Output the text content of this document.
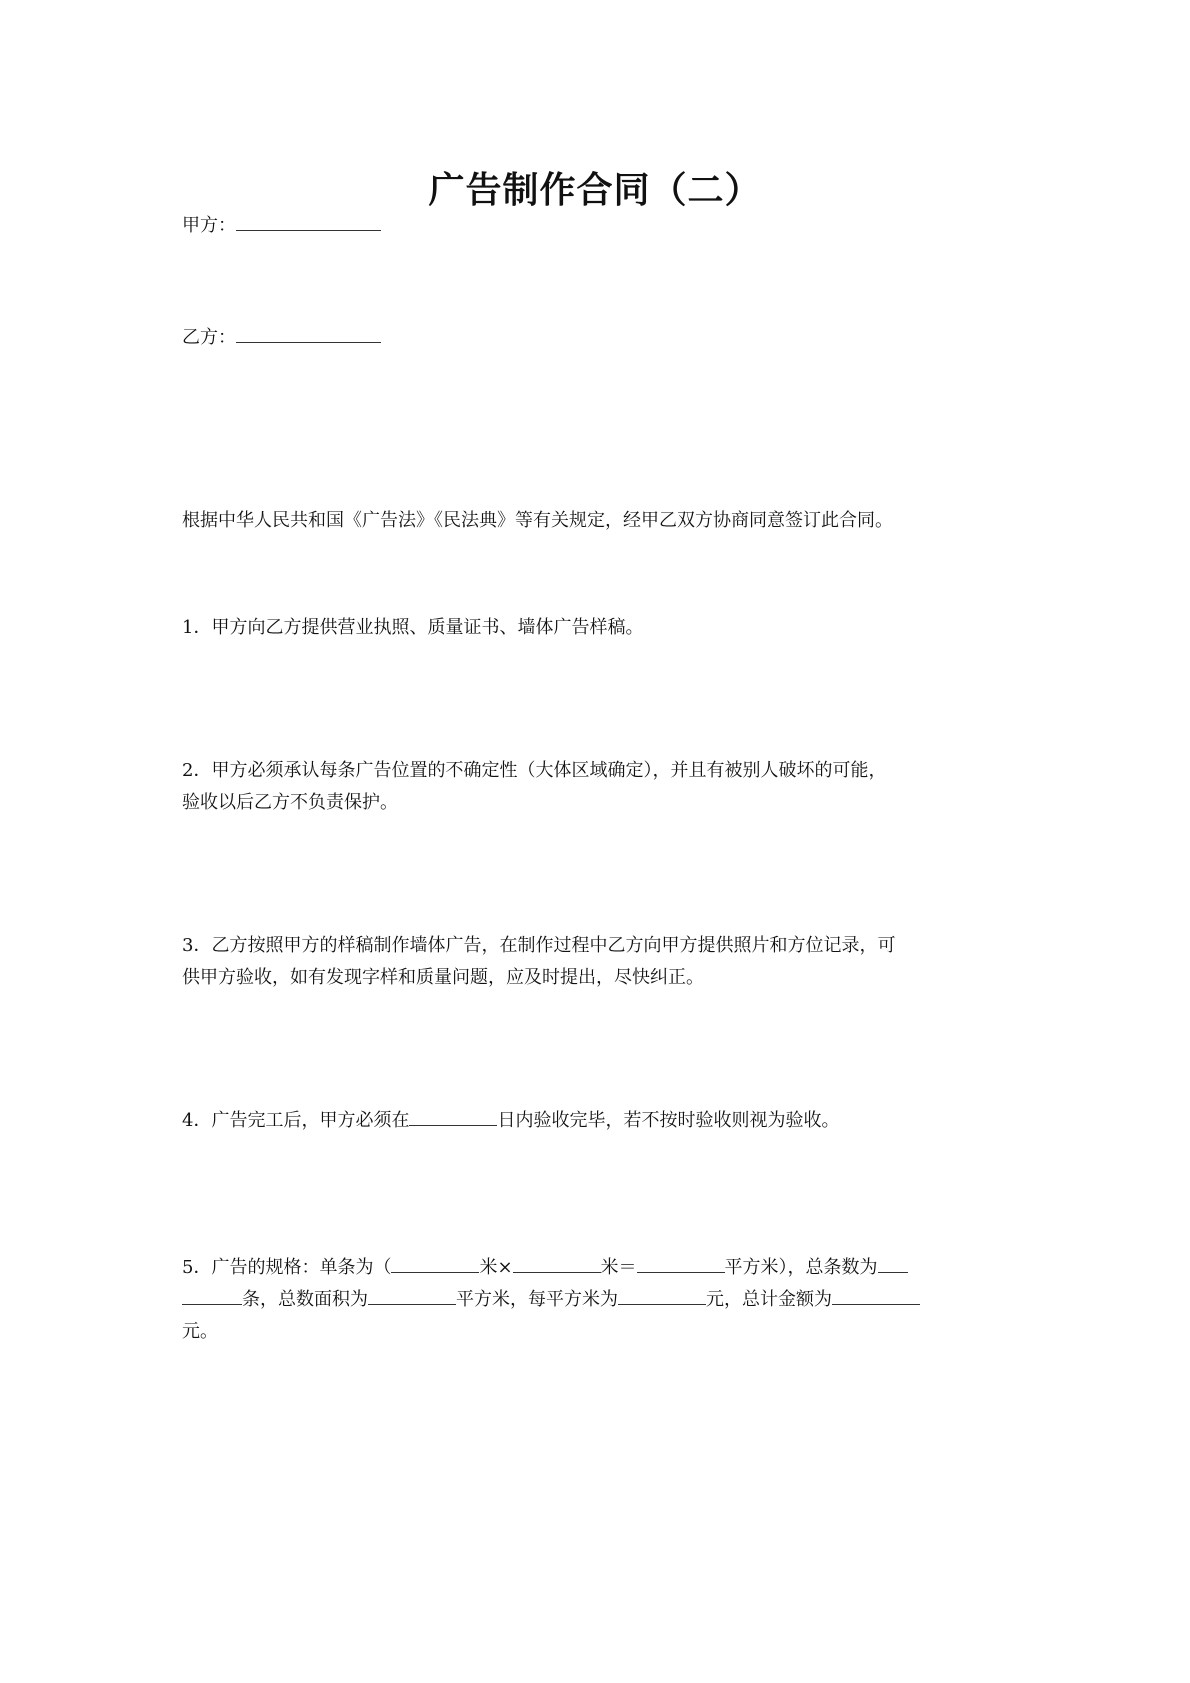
广告制作合同（二）
甲方：
乙方：
根据中华人民共和国《广告法》《民法典》等有关规定，经甲乙双方协商同意签订此合同。
1．甲方向乙方提供营业执照、质量证书、墙体广告样稿。
2．甲方必须承认每条广告位置的不确定性（大体区域确定），并且有被别人破坏的可能，
验收以后乙方不负责保护。
3．乙方按照甲方的样稿制作墙体广告，在制作过程中乙方向甲方提供照片和方位记录，可
供甲方验收，如有发现字样和质量问题，应及时提出，尽快纠正。
4．广告完工后，甲方必须在	日内验收完毕，若不按时验收则视为验收。
5．广告的规格：单条为（	米×	米＝	平方米），总条数为
条，总数面积为	平方米，每平方米为	元，总计金额为
元。
